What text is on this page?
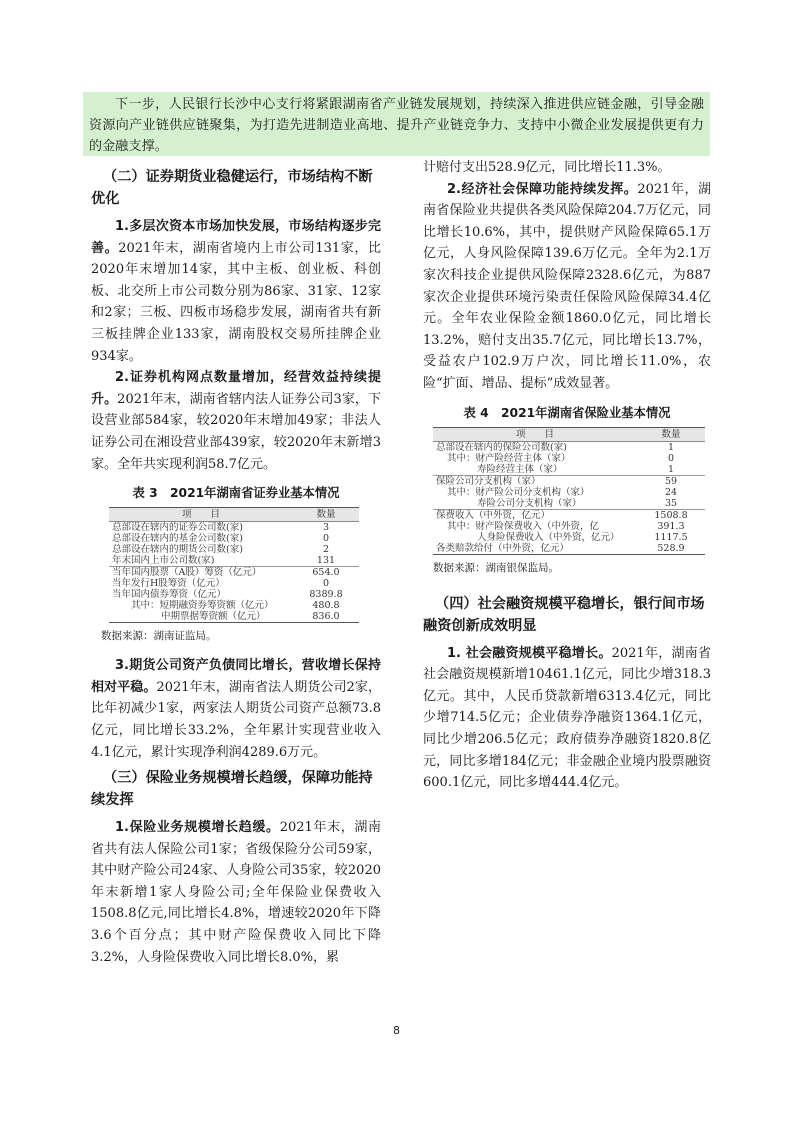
下一步，人民银行长沙中心支行将紧跟湖南省产业链发展规划，持续深入推进供应链金融，引导金融资源向产业链供应链聚集，为打造先进制造业高地、提升产业链竞争力、支持中小微企业发展提供更有力的金融支撑。
（二）证券期货业稳健运行，市场结构不断优化

1.多层次资本市场加快发展，市场结构逐步完善。2021年末，湖南省境内上市公司131家，比2020年末增加14家，其中主板、创业板、科创板、北交所上市公司数分别为86家、31家、12家和2家；三板、四板市场稳步发展，湖南省共有新三板挂牌企业133家，湖南股权交易所挂牌企业934家。

2.证券机构网点数量增加，经营效益持续提升。2021年末，湖南省辖内法人证券公司3家，下设营业部584家，较2020年末增加49家；非法人证券公司在湘设营业部439家，较2020年末新增3家。全年共实现利润58.7亿元。

表 3　2021年湖南省证券业基本情况
项　　目	数量
总部设在辖内的证券公司数(家)	3
总部设在辖内的基金公司数(家)	0
总部设在辖内的期货公司数(家)	2
年末国内上市公司数(家)	131
当年国内股票（A股）筹资（亿元）	654.0
当年发行H股筹资（亿元）	0
当年国内债券筹资（亿元）	8389.8
其中：短期融资券筹资额（亿元）	480.8
中期票据筹资额（亿元）	836.0
数据来源：湖南证监局。

3.期货公司资产负债同比增长，营收增长保持相对平稳。2021年末，湖南省法人期货公司2家，比年初减少1家，两家法人期货公司资产总额73.8亿元，同比增长33.2%，全年累计实现营业收入4.1亿元，累计实现净利润4289.6万元。

（三）保险业务规模增长趋缓，保障功能持续发挥

1.保险业务规模增长趋缓。2021年末，湖南省共有法人保险公司1家；省级保险分公司59家，其中财产险公司24家、人身险公司35家，较2020年末新增1家人身险公司;全年保险业保费收入1508.8亿元,同比增长4.8%，增速较2020年下降3.6个百分点；其中财产险保费收入同比下降3.2%，人身险保费收入同比增长8.0%，累

计赔付支出528.9亿元，同比增长11.3%。

2.经济社会保障功能持续发挥。2021年，湖南省保险业共提供各类风险保障204.7万亿元，同比增长10.6%，其中，提供财产风险保障65.1万亿元，人身风险保障139.6万亿元。全年为2.1万家次科技企业提供风险保障2328.6亿元，为887家次企业提供环境污染责任保险风险保障34.4亿元。全年农业保险金额1860.0亿元，同比增长13.2%，赔付支出35.7亿元，同比增长13.7%，受益农户102.9万户次，同比增长11.0%，农险“扩面、增品、提标”成效显著。

表 4　2021年湖南省保险业基本情况
项　　目	数量
总部设在辖内的保险公司数(家)	1
其中：财产险经营主体（家）	0
寿险经营主体（家）	1
保险公司分支机构（家）	59
其中：财产险公司分支机构（家）	24
寿险公司分支机构（家）	35
保费收入（中外资，亿元）	1508.8
其中：财产险保费收入（中外资，亿	391.3
人身险保费收入（中外资，亿元）	1117.5
各类赔款给付（中外资，亿元）	528.9
数据来源：湖南银保监局。
（四）社会融资规模平稳增长，银行间市场融资创新成效明显

1. 社会融资规模平稳增长。2021年，湖南省社会融资规模新增10461.1亿元，同比少增318.3亿元。其中，人民币贷款新增6313.4亿元，同比少增714.5亿元；企业债券净融资1364.1亿元，同比少增206.5亿元；政府债券净融资1820.8亿元，同比多增184亿元；非金融企业境内股票融资600.1亿元，同比多增444.4亿元。

8
